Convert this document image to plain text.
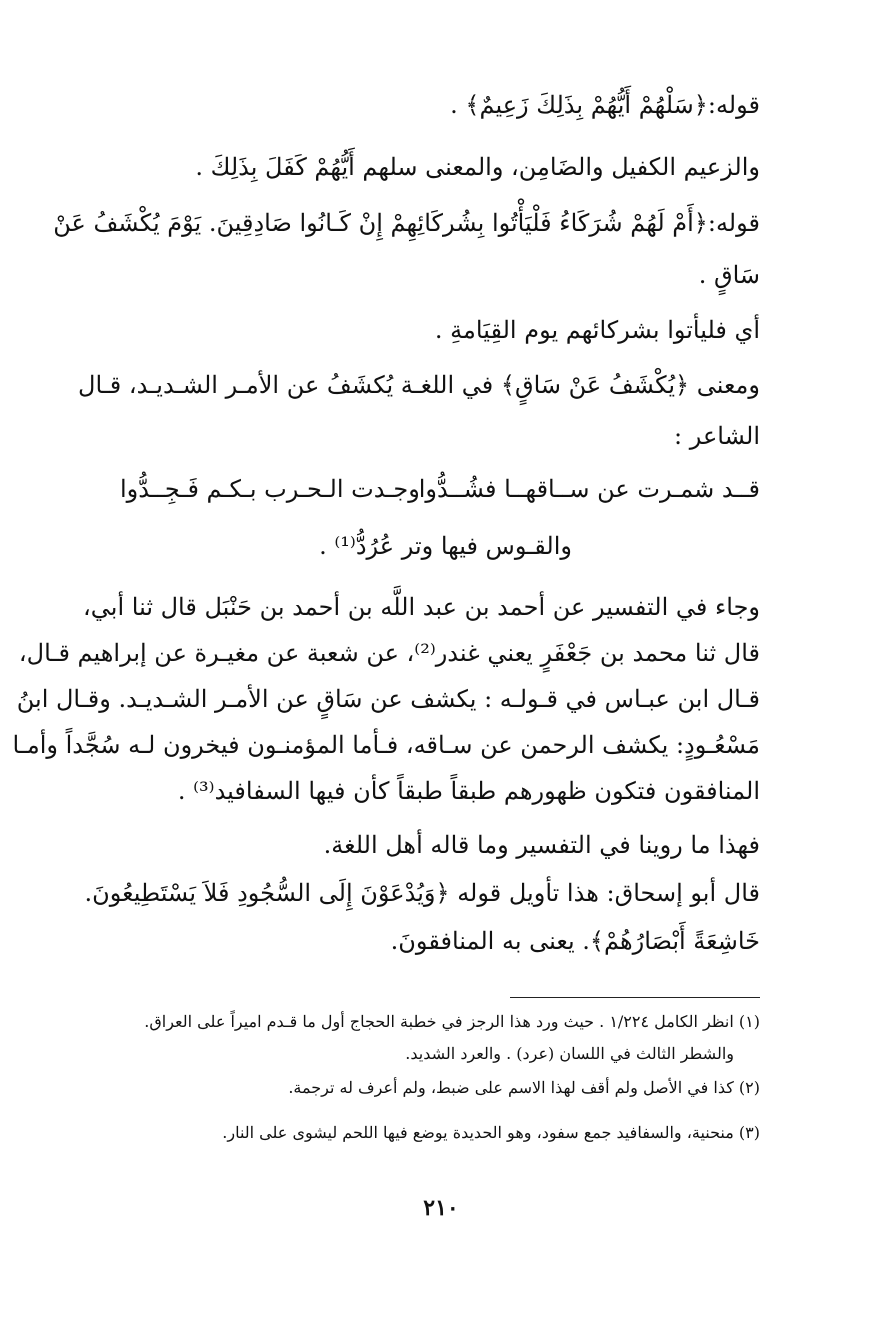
قوله:﴿سَلْهُمْ أَيُّهُمْ بِذَلِكَ زَعِيمٌ﴾ .
والزعيم الكفيل والضَامِن، والمعنى سلهم أَيُّهُمْ كَفَلَ بِذَلِكَ .
قوله:﴿أَمْ لَهُمْ شُرَكَاءُ فَلْيَأْتُوا بِشُركَائِهِمْ إِنْ كَـانُوا صَادِقِينَ. يَوْمَ يُكْشَفُ عَنْ
سَاقٍ .
أي فليأتوا بشركائهم يوم القِيَامةِ .
ومعنى ﴿يُكْشَفُ عَنْ سَاقٍ﴾ في اللغـة يُكشَفُ عن الأمـر الشـديـد، قـال
الشاعر :
قــد شمـرت عن ســاقهــا فشُــدُّوا
وجـدت الـحـرب بـكـم فَـجِــدُّوا
والقـوس فيها وتر عُرُدُّ⁽¹⁾ .
وجاء في التفسير عن أحمد بن عبد اللَّه بن أحمد بن حَنْبَل قال ثنا أبي،
قال ثنا محمد بن جَعْفَرٍ يعني غندر⁽²⁾، عن شعبة عن مغيـرة عن إبراهيم قـال،
قـال ابن عبـاس في قـولـه : يكشف عن سَاقٍ عن الأمـر الشـديـد. وقـال ابنُ
مَسْعُـودٍ: يكشف الرحمن عن سـاقه، فـأما المؤمنـون فيخرون لـه سُجَّداً وأمـا
المنافقون فتكون ظهورهم طبقاً طبقاً كأن فيها السفافيد⁽³⁾ .
فهذا ما روينا في التفسير وما قاله أهل اللغة.
قال أبو إسحاق: هذا تأويل قوله ﴿وَيُدْعَوْنَ إِلَى السُّجُودِ فَلاَ يَسْتَطِيعُونَ.
خَاشِعَةً أَبْصَارُهُمْ﴾. يعنى به المنافقونَ.
(١) انظر الكامل ١/٢٢٤ . حيث ورد هذا الرجز في خطبة الحجاج أول ما قـدم اميراً على العراق.
والشطر الثالث في اللسان (عرد) . والعرد الشديد.
(٢) كذا في الأصل ولم أقف لهذا الاسم على ضبط، ولم أعرف له ترجمة.
(٣) منحنية، والسفافيد جمع سفود، وهو الحديدة يوضع فيها اللحم ليشوى على النار.
٢١٠
